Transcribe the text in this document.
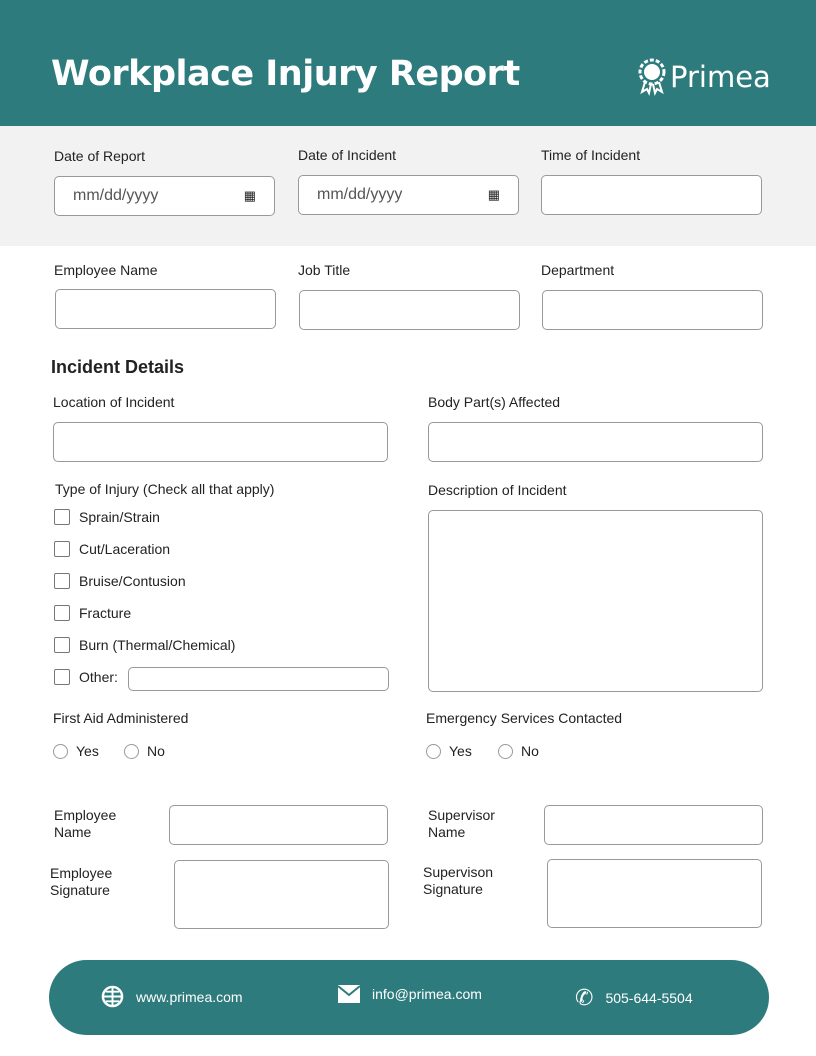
Workplace Injury Report	Primea
Date of Report
mm/dd/yyyy	▦
Date of Incident
mm/dd/yyyy	▦
Time of Incident
Employee Name	Job Title	Department
Incident Details
Location of Incident	Body Part(s) Affected
Type of Injury (Check all that apply)
Sprain/Strain
Cut/Laceration
Bruise/Contusion
Fracture
Burn (Thermal/Chemical)
Other:
Description of Incident
First Aid Administered
Yes	No
Emergency Services Contacted
Yes	No
Employee
Name
Employee
Signature
Supervisor
Name
Supervison
Signature
www.primea.com	info@primea.com	✆ 505-644-5504
